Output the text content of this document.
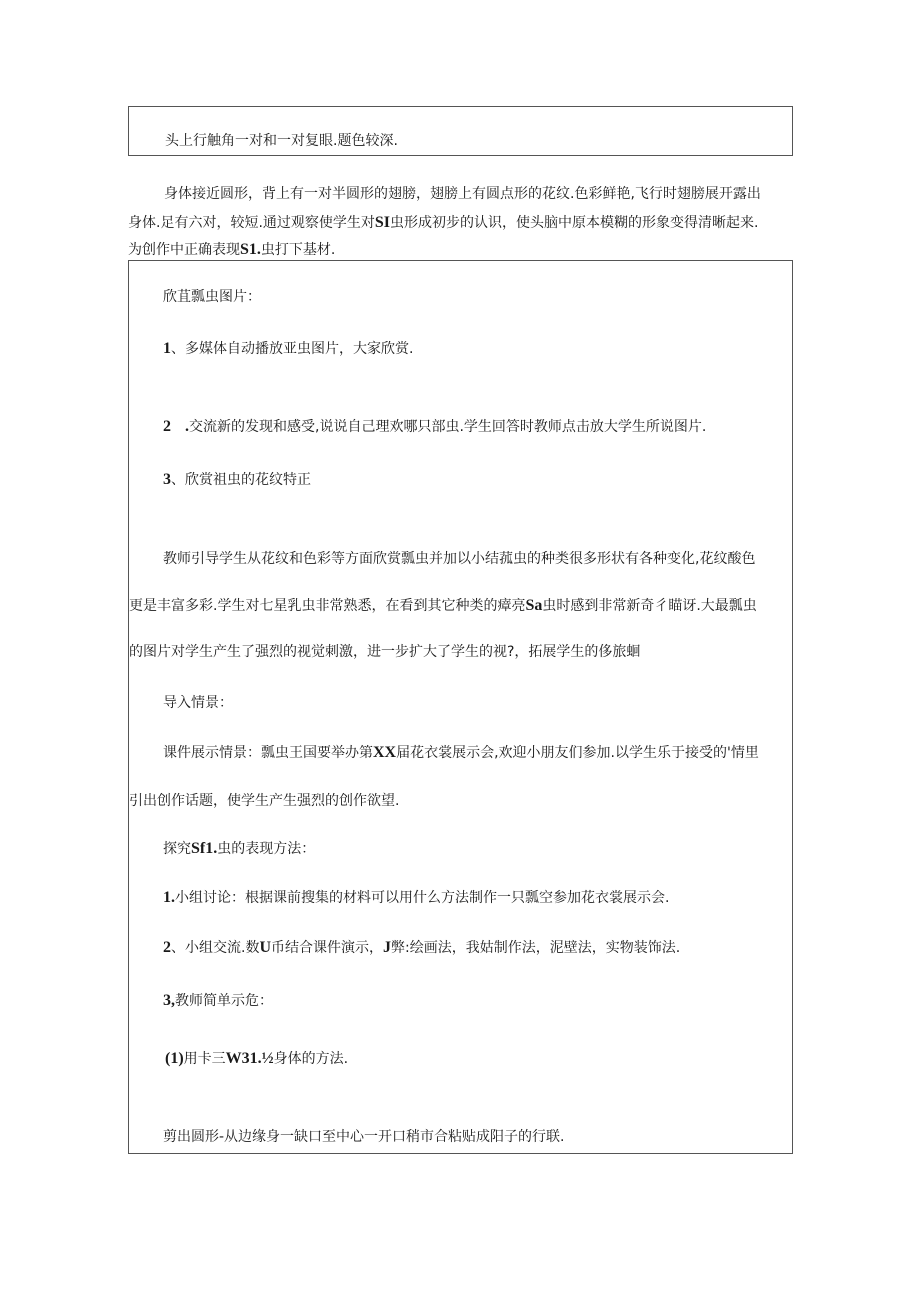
头上行触角一对和一对复眼.题色较深.
身体接近圆形，背上有一对半圆形的翅膀，翅膀上有圆点形的花纹.色彩鲜艳,飞行时翅膀展开露出
身体.足有六对，较短.通过观察使学生对SI虫形成初步的认识，使头脑中原本模糊的形象变得清晰起来.
为创作中正确表现S1.虫打下基材.
欣苴瓢虫图片：
1、多媒体自动播放亚虫图片，大家欣赏.
2 .交流新的发现和感受,说说自己理欢哪只部虫.学生回答时教师点击放大学生所说图片.
3、欣赏祖虫的花纹特正
教师引导学生从花纹和色彩等方面欣赏瓢虫并加以小结菰虫的种类很多形状有各种变化,花纹酸色
更是丰富多彩.学生对七星乳虫非常熟悉，在看到其它种类的瘴亮Sa虫时感到非常新奇彳瞄讶.大最瓢虫
的图片对学生产生了强烈的视觉刺激，进一步扩大了学生的视?，拓展学生的侈旅蛔
导入情景：
课件展示情景：瓢虫王国要举办第XX届花衣裳展示会,欢迎小朋友们参加.以学生乐于接受的'情里
引出创作话题，使学生产生强烈的创作欲望.
探究Sf1.虫的表现方法：
1.小组讨论：根据课前搜集的材料可以用什么方法制作一只瓢空参加花衣裳展示会.
2、小组交流.数U币结合课件演示，J弊:绘画法，我姑制作法，泥壁法，实物装饰法.
3,教师简单示危：
(1)用卡三W31.½身体的方法.
剪出圆形-从边缘身一缺口至中心一开口稍市合粘贴成阳子的行联.
